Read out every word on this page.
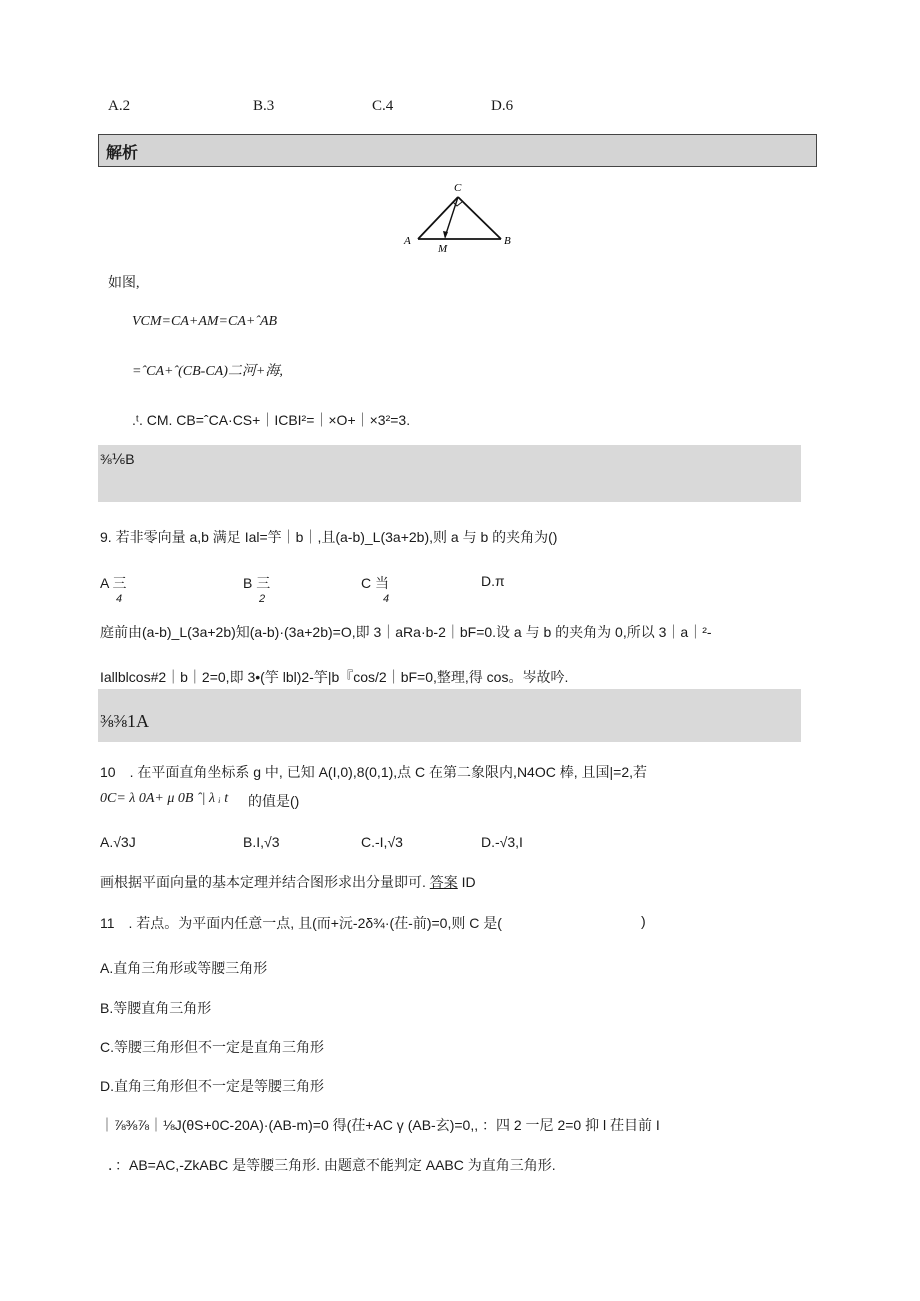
A.2	B.3	C.4	D.6
解析
C
A
M
B
如图,
VCM=CA+AM=CA+ˆAB
=ˆCA+ˆ(CB-CA)二河+海,
.ᵗ. CM. CB=ˆCA·CS+｜ICBI²=｜×O+｜×3²=3.
⅜⅙B
9. 若非零向量 a,b 满足 Ial=竽｜b｜,且(a-b)_L(3a+2b),则 a 与 b 的夹角为()
A 三
4
B 三
2
C 当
4
D.π
庭前由(a-b)_L(3a+2b)知(a-b)·(3a+2b)=O,即 3｜aRa·b-2｜bF=0.设 a 与 b 的夹角为 0,所以 3｜a｜²-
Iallblcos#2｜b｜2=0,即 3•(竽 lbl)2-竽|b『cos/2｜bF=0,整理,得 cos。岑故吟.
⅜⅜1A
10　. 在平面直角坐标系 g 中, 已知 A(I,0),8(0,1),点 C 在第二象限内,N4OC 棒, 且国|=2,若
0C= λ 0A+ μ 0B ˆ| λ ᵢ t 的值是()
A.√3J	B.I,√3	C.-I,√3	D.-√3,I
画根据平面向量的基本定理并结合图形求出分量即可. 答案 ID
11　. 若点。为平面内任意一点, 且(而+沅-2δ¾·(茌-前)=0,则 C 是(	)
A.直角三角形或等腰三角形
B.等腰直角三角形
C.等腰三角形但不一定是直角三角形
D.直角三角形但不一定是等腰三角形
｜⅞⅜⅞｜⅛J(θS+0C-20A)·(AB-m)=0 得(茌+AC γ (AB-玄)=0,, ：四 2 一尼 2=0 抑 l 茌目前 I
．：AB=AC,-ZkABC 是等腰三角形. 由题意不能判定 AABC 为直角三角形.
